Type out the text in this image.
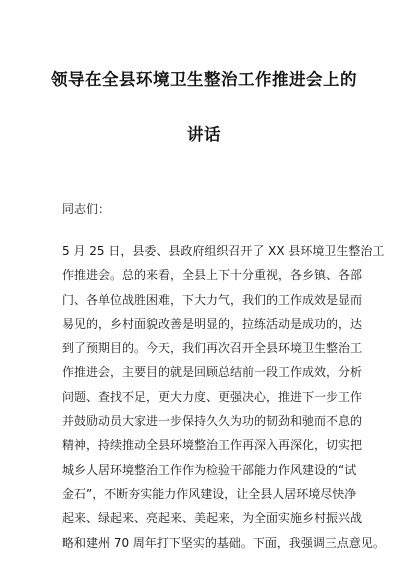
领导在全县环境卫生整治工作推进会上的
讲话
同志们：

5 月 25 日，县委、县政府组织召开了 XX 县环境卫生整治工

作推进会。总的来看，全县上下十分重视，各乡镇、各部

门、各单位战胜困难，下大力气，我们的工作成效是显而

易见的，乡村面貌改善是明显的，拉练活动是成功的，达

到了预期目的。今天，我们再次召开全县环境卫生整治工

作推进会，主要目的就是回顾总结前一段工作成效，分析

问题、查找不足，更大力度、更强决心，推进下一步工作

并鼓励动员大家进一步保持久久为功的韧劲和驰而不息的

精神，持续推动全县环境整治工作再深入再深化，切实把

城乡人居环境整治工作作为检验干部能力作风建设的“试

金石”，不断夯实能力作风建设，让全县人居环境尽快净

起来、绿起来、亮起来、美起来，为全面实施乡村振兴战

略和建州 70 周年打下坚实的基础。下面，我强调三点意见。
